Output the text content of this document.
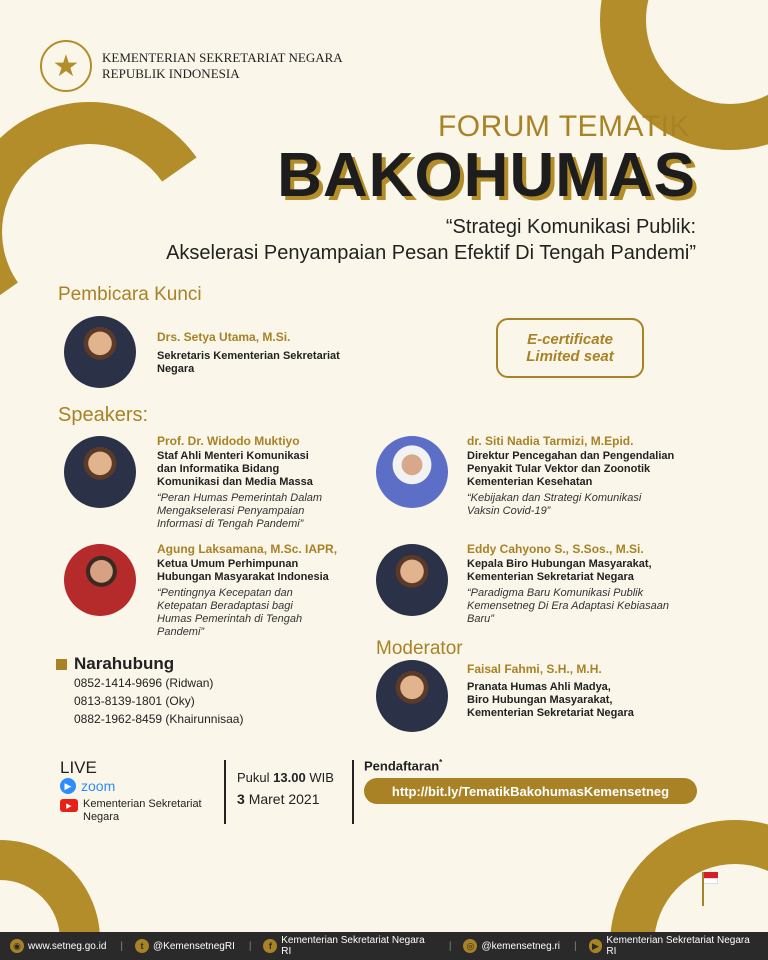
★	KEMENTERIAN SEKRETARIAT NEGARA
REPUBLIK INDONESIA
FORUM TEMATIK
BAKOHUMAS
“Strategi Komunikasi Publik:
Akselerasi Penyampaian Pesan Efektif Di Tengah Pandemi”
Pembicara Kunci
Drs. Setya Utama, M.Si.
Sekretaris Kementerian Sekretariat
Negara
E-certificate
Limited seat
Speakers:
Prof. Dr. Widodo Muktiyo
Staf Ahli Menteri Komunikasi
dan Informatika Bidang
Komunikasi dan Media Massa
“Peran Humas Pemerintah Dalam
Mengakselerasi Penyampaian
Informasi di Tengah Pandemi”
dr. Siti Nadia Tarmizi, M.Epid.
Direktur Pencegahan dan Pengendalian
Penyakit Tular Vektor dan Zoonotik
Kementerian Kesehatan
“Kebijakan dan Strategi Komunikasi
Vaksin Covid-19”
Agung Laksamana, M.Sc. IAPR,
Ketua Umum Perhimpunan
Hubungan Masyarakat Indonesia
“Pentingnya Kecepatan dan
Ketepatan Beradaptasi bagi
Humas Pemerintah di Tengah
Pandemi”
Eddy Cahyono S., S.Sos., M.Si.
Kepala Biro Hubungan Masyarakat,
Kementerian Sekretariat Negara
“Paradigma Baru Komunikasi Publik
Kemensetneg Di Era Adaptasi Kebiasaan
Baru”
Moderator
Faisal Fahmi, S.H., M.H.
Pranata Humas Ahli Madya,
Biro Hubungan Masyarakat,
Kementerian Sekretariat Negara
Narahubung
0852-1414-9696 (Ridwan)
0813-8139-1801 (Oky)
0882-1962-8459 (Khairunnisaa)
LIVE
▶ zoom
▶	Kementerian Sekretariat
Negara
Pukul 13.00 WIB
3 Maret 2021
Pendaftaran*
http://bit.ly/TematikBakohumasKemensetneg
◉ www.setneg.go.id |	t @KemensetnegRI |	f Kementerian Sekretariat Negara RI	|	◎ @kemensetneg.ri |	▶ Kementerian Sekretariat Negara RI
